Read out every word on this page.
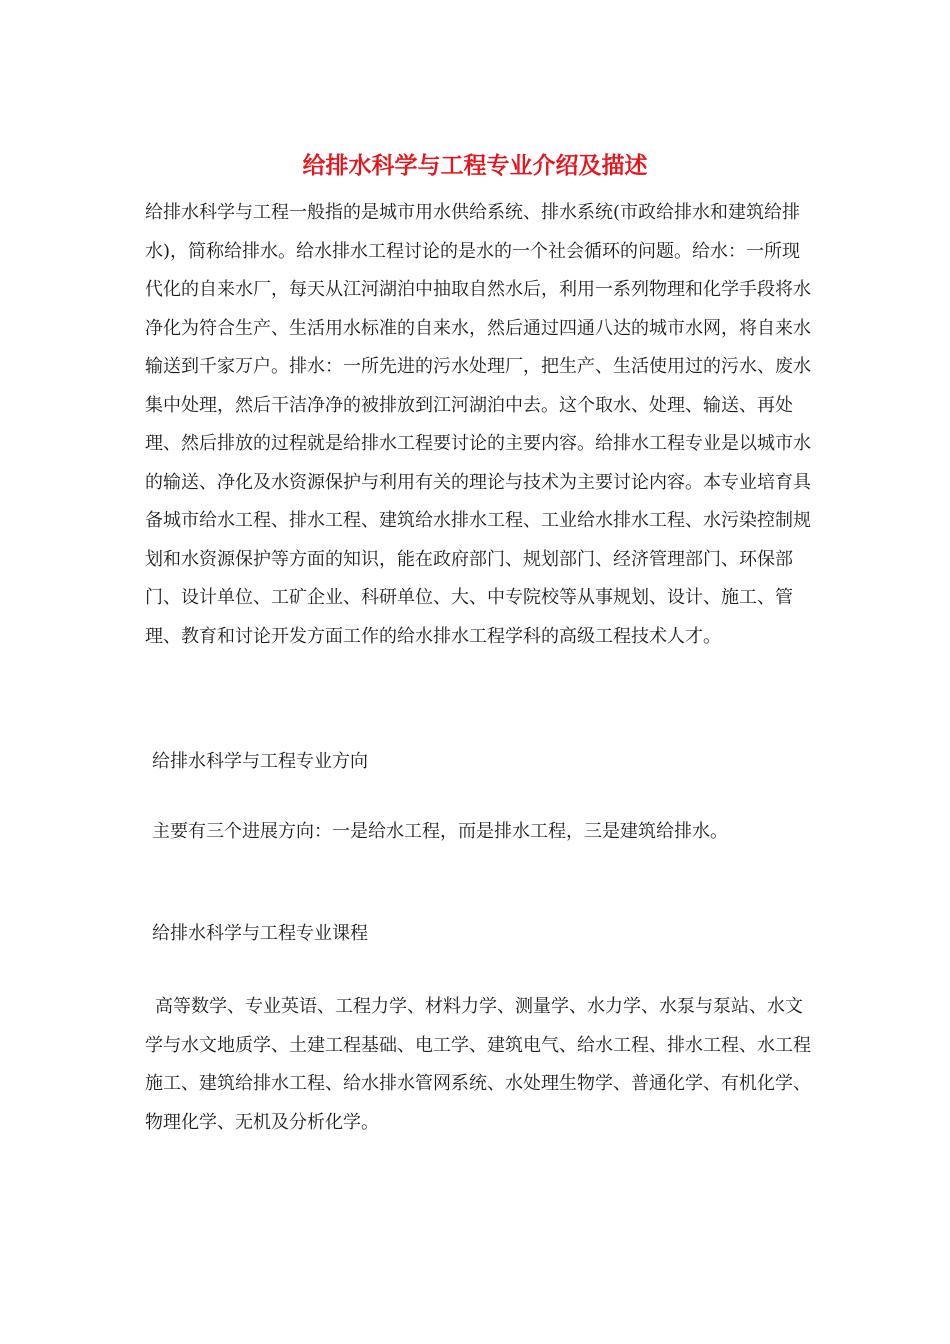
给排水科学与工程专业介绍及描述

给排水科学与工程一般指的是城市用水供给系统、排水系统(市政给排水和建筑给排水)，简称给排水。给水排水工程讨论的是水的一个社会循环的问题。给水：一所现代化的自来水厂，每天从江河湖泊中抽取自然水后，利用一系列物理和化学手段将水净化为符合生产、生活用水标准的自来水，然后通过四通八达的城市水网，将自来水输送到千家万户。排水：一所先进的污水处理厂，把生产、生活使用过的污水、废水集中处理，然后干洁净净的被排放到江河湖泊中去。这个取水、处理、输送、再处理、然后排放的过程就是给排水工程要讨论的主要内容。给排水工程专业是以城市水的输送、净化及水资源保护与利用有关的理论与技术为主要讨论内容。本专业培育具备城市给水工程、排水工程、建筑给水排水工程、工业给水排水工程、水污染控制规划和水资源保护等方面的知识，能在政府部门、规划部门、经济管理部门、环保部门、设计单位、工矿企业、科研单位、大、中专院校等从事规划、设计、施工、管理、教育和讨论开发方面工作的给水排水工程学科的高级工程技术人才。

给排水科学与工程专业方向

主要有三个进展方向：一是给水工程，而是排水工程，三是建筑给排水。

给排水科学与工程专业课程

高等数学、专业英语、工程力学、材料力学、测量学、水力学、水泵与泵站、水文学与水文地质学、土建工程基础、电工学、建筑电气、给水工程、排水工程、水工程施工、建筑给排水工程、给水排水管网系统、水处理生物学、普通化学、有机化学、物理化学、无机及分析化学。
